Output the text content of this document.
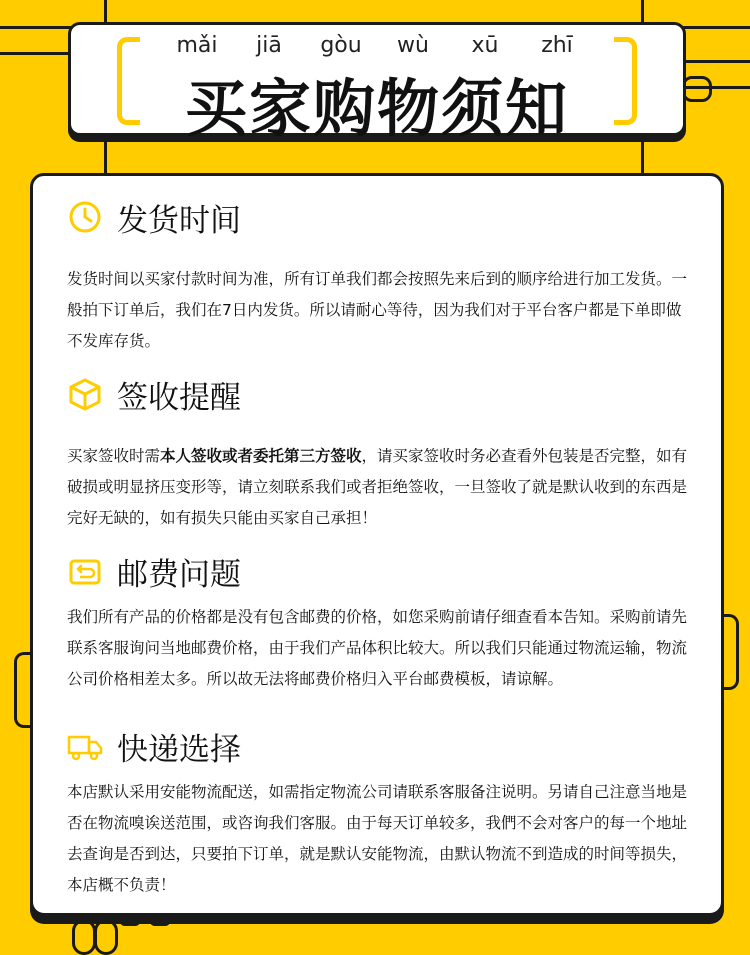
mǎi	jiā	gòu	wù	xū	zhī
买家购物须知
发货时间

发货时间以买家付款时间为准，所有订单我们都会按照先来后到的顺序给进行加工发货。一般拍下订单后，我们在7日内发货。所以请耐心等待，因为我们对于平台客户都是下单即做不发库存货。

签收提醒

买家签收时需本人签收或者委托第三方签收，请买家签收时务必查看外包装是否完整，如有破损或明显挤压变形等，请立刻联系我们或者拒绝签收，一旦签收了就是默认收到的东西是完好无缺的，如有损失只能由买家自己承担！

邮费问题

我们所有产品的价格都是没有包含邮费的价格，如您采购前请仔细查看本告知。采购前请先联系客服询问当地邮费价格，由于我们产品体积比较大。所以我们只能通过物流运输，物流公司价格相差太多。所以故无法将邮费价格归入平台邮费模板，请谅解。

快递选择

本店默认采用安能物流配送，如需指定物流公司请联系客服备注说明。另请自己注意当地是否在物流嗅诶送范围，或咨询我们客服。由于每天订单较多，我們不会对客户的每一个地址去查询是否到达，只要拍下订单，就是默认安能物流，由默认物流不到造成的时间等损失，本店概不负责！
